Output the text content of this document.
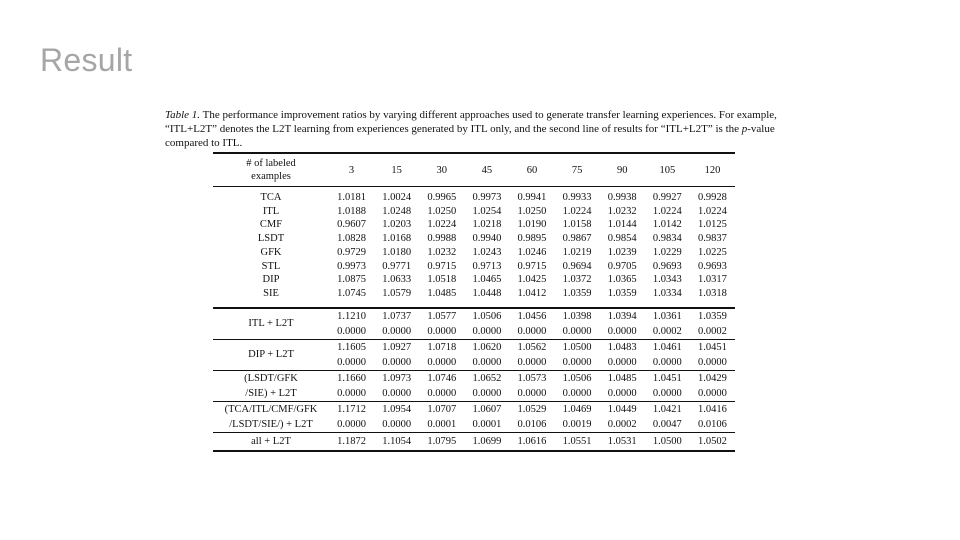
Result
Table 1. The performance improvement ratios by varying different approaches used to generate transfer learning experiences. For example,
“ITL+L2T” denotes the L2T learning from experiences generated by ITL only, and the second line of results for “ITL+L2T” is the p-value
compared to ITL.
# of labeled
examples	3	15	30	45	60	75	90	105	120
TCA	1.0181	1.0024	0.9965	0.9973	0.9941	0.9933	0.9938	0.9927	0.9928
ITL	1.0188	1.0248	1.0250	1.0254	1.0250	1.0224	1.0232	1.0224	1.0224
CMF	0.9607	1.0203	1.0224	1.0218	1.0190	1.0158	1.0144	1.0142	1.0125
LSDT	1.0828	1.0168	0.9988	0.9940	0.9895	0.9867	0.9854	0.9834	0.9837
GFK	0.9729	1.0180	1.0232	1.0243	1.0246	1.0219	1.0239	1.0229	1.0225
STL	0.9973	0.9771	0.9715	0.9713	0.9715	0.9694	0.9705	0.9693	0.9693
DIP	1.0875	1.0633	1.0518	1.0465	1.0425	1.0372	1.0365	1.0343	1.0317
SIE	1.0745	1.0579	1.0485	1.0448	1.0412	1.0359	1.0359	1.0334	1.0318
ITL + L2T	1.1210	1.0737	1.0577	1.0506	1.0456	1.0398	1.0394	1.0361	1.0359
	0.0000	0.0000	0.0000	0.0000	0.0000	0.0000	0.0000	0.0002	0.0002
DIP + L2T	1.1605	1.0927	1.0718	1.0620	1.0562	1.0500	1.0483	1.0461	1.0451
	0.0000	0.0000	0.0000	0.0000	0.0000	0.0000	0.0000	0.0000	0.0000
(LSDT/GFK
/SIE) + L2T	1.1660	1.0973	1.0746	1.0652	1.0573	1.0506	1.0485	1.0451	1.0429
	0.0000	0.0000	0.0000	0.0000	0.0000	0.0000	0.0000	0.0000	0.0000
(TCA/ITL/CMF/GFK
/LSDT/SIE/) + L2T	1.1712	1.0954	1.0707	1.0607	1.0529	1.0469	1.0449	1.0421	1.0416
	0.0000	0.0000	0.0001	0.0001	0.0106	0.0019	0.0002	0.0047	0.0106
all + L2T	1.1872	1.1054	1.0795	1.0699	1.0616	1.0551	1.0531	1.0500	1.0502
